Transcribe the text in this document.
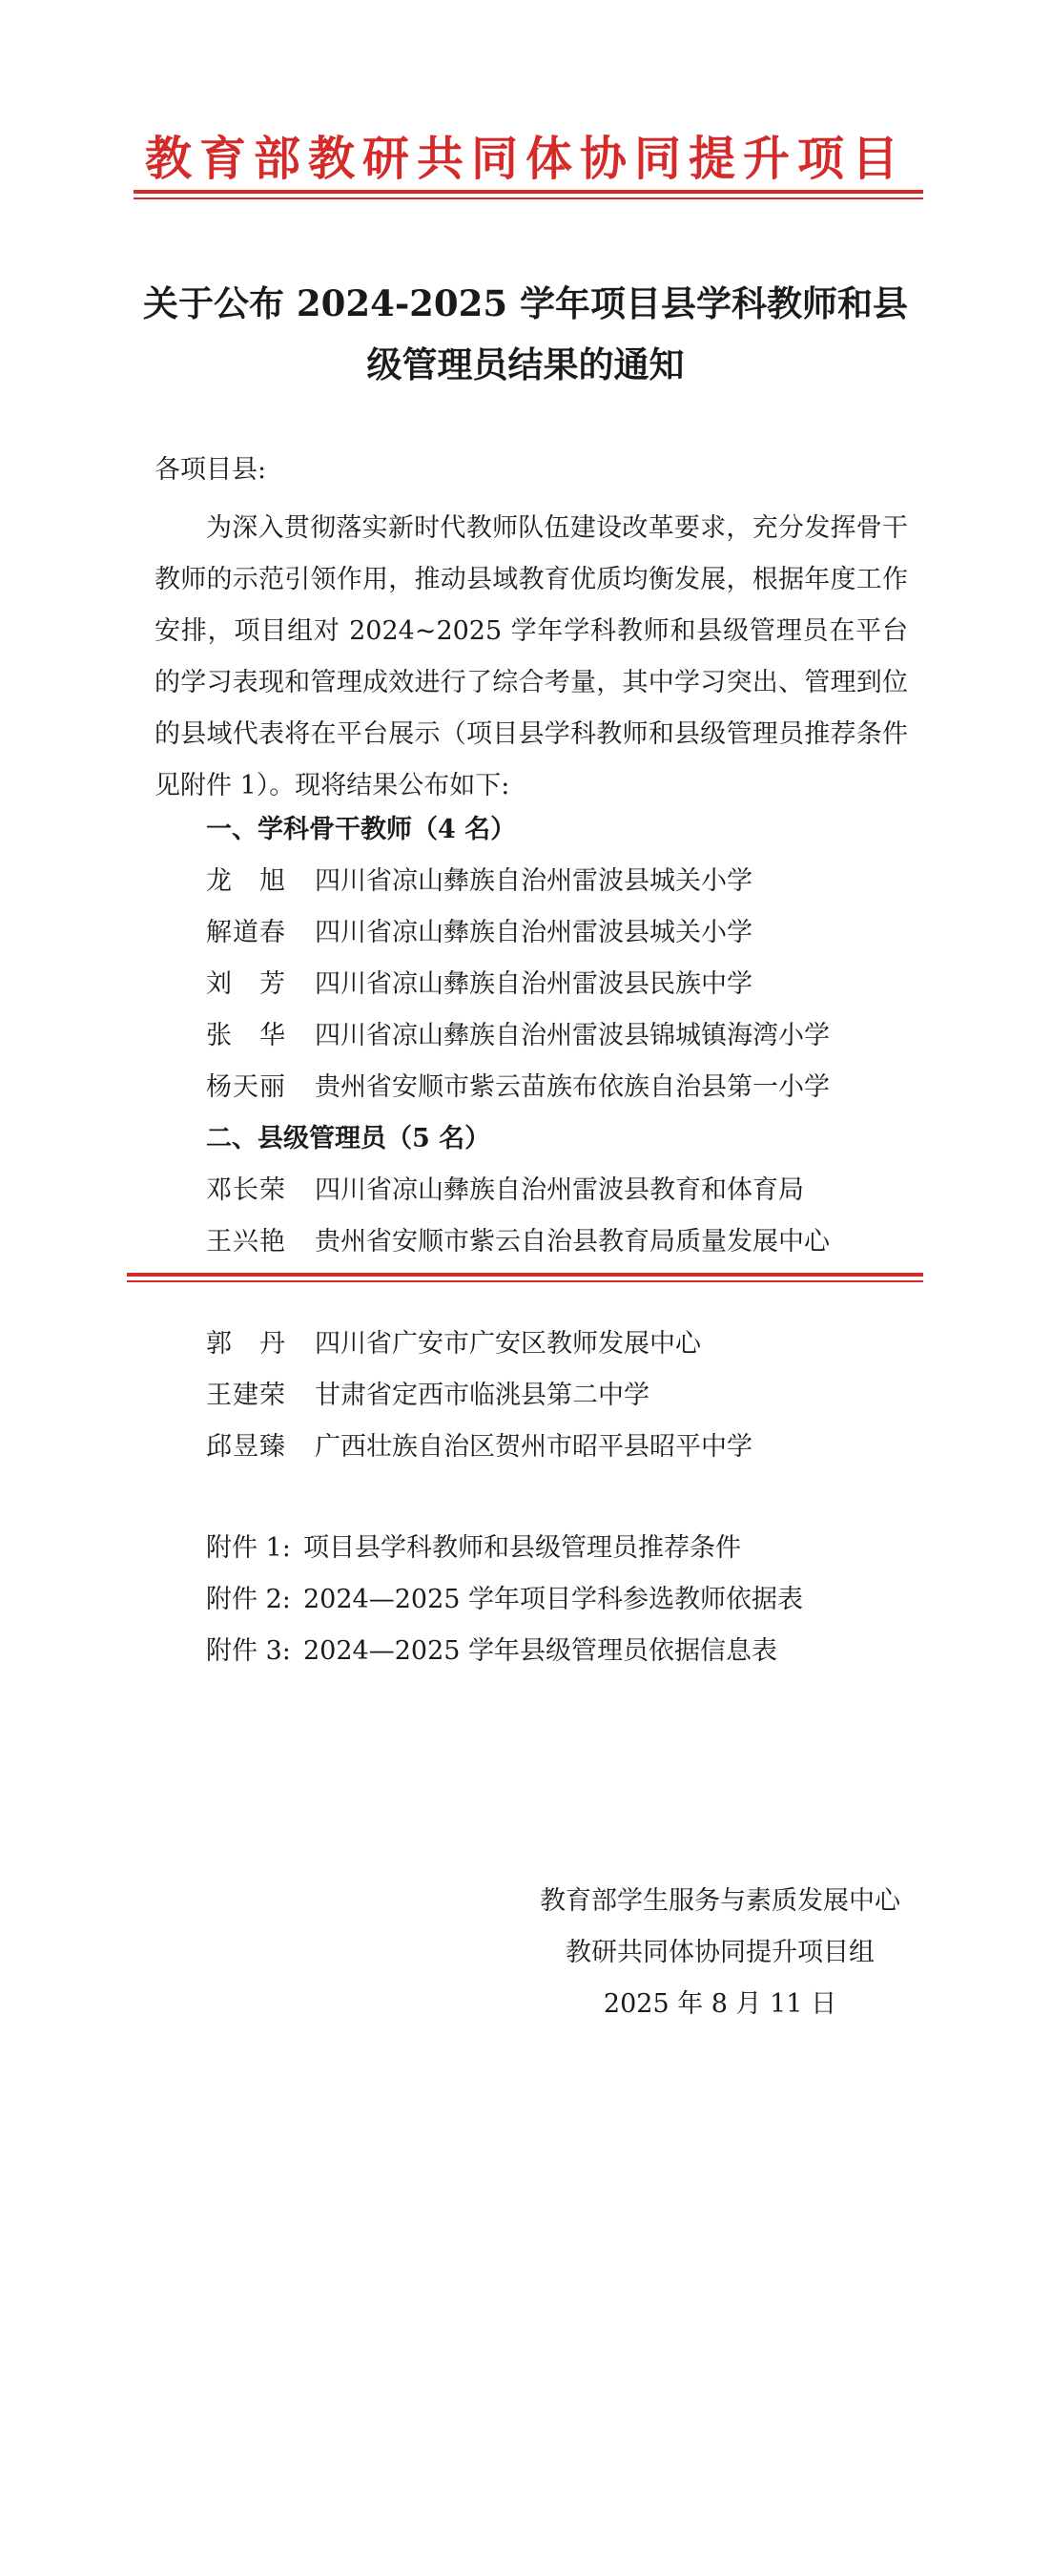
教育部教研共同体协同提升项目
关于公布 2024-2025 学年项目县学科教师和县
级管理员结果的通知
各项目县:
为深入贯彻落实新时代教师队伍建设改革要求，充分发挥骨干教师的示范引领作用，推动县域教育优质均衡发展，根据年度工作安排，项目组对 2024~2025 学年学科教师和县级管理员在平台的学习表现和管理成效进行了综合考量，其中学习突出、管理到位的县域代表将在平台展示（项目县学科教师和县级管理员推荐条件见附件 1）。现将结果公布如下:
一、学科骨干教师（4 名）
龙　旭 四川省凉山彝族自治州雷波县城关小学
解道春 四川省凉山彝族自治州雷波县城关小学
刘　芳 四川省凉山彝族自治州雷波县民族中学
张　华 四川省凉山彝族自治州雷波县锦城镇海湾小学
杨天丽 贵州省安顺市紫云苗族布依族自治县第一小学
二、县级管理员（5 名）
邓长荣 四川省凉山彝族自治州雷波县教育和体育局
王兴艳 贵州省安顺市紫云自治县教育局质量发展中心
郭　丹 四川省广安市广安区教师发展中心
王建荣 甘肃省定西市临洮县第二中学
邱昱臻 广西壮族自治区贺州市昭平县昭平中学
附件 1: 项目县学科教师和县级管理员推荐条件
附件 2: 2024—2025 学年项目学科参选教师依据表
附件 3: 2024—2025 学年县级管理员依据信息表
教育部学生服务与素质发展中心
教研共同体协同提升项目组
2025 年 8 月 11 日
